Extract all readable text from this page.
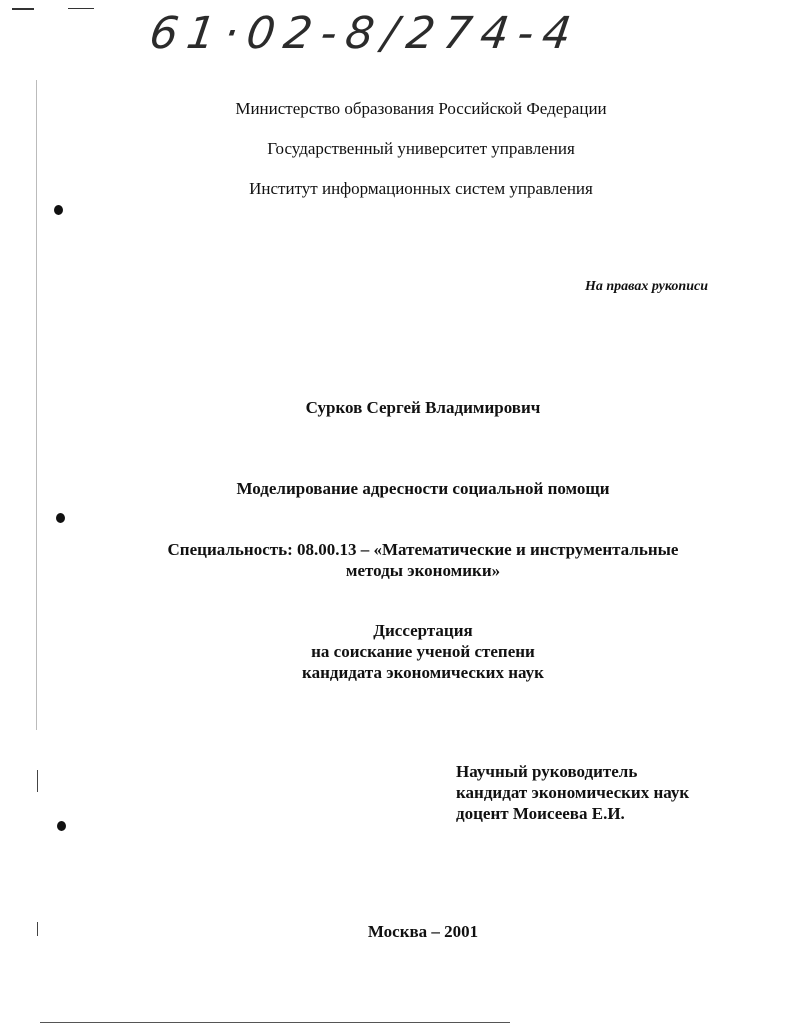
61·02-8/274-4
Министерство образования Российской Федерации
Государственный университет управления
Институт информационных систем управления
На правах рукописи
Сурков Сергей Владимирович
Моделирование адресности социальной помощи
Специальность: 08.00.13 – «Математические и инструментальные
методы экономики»
Диссертация
на соискание ученой степени
кандидата экономических наук
Научный руководитель
кандидат экономических наук
доцент Моисеева Е.И.
Москва – 2001
